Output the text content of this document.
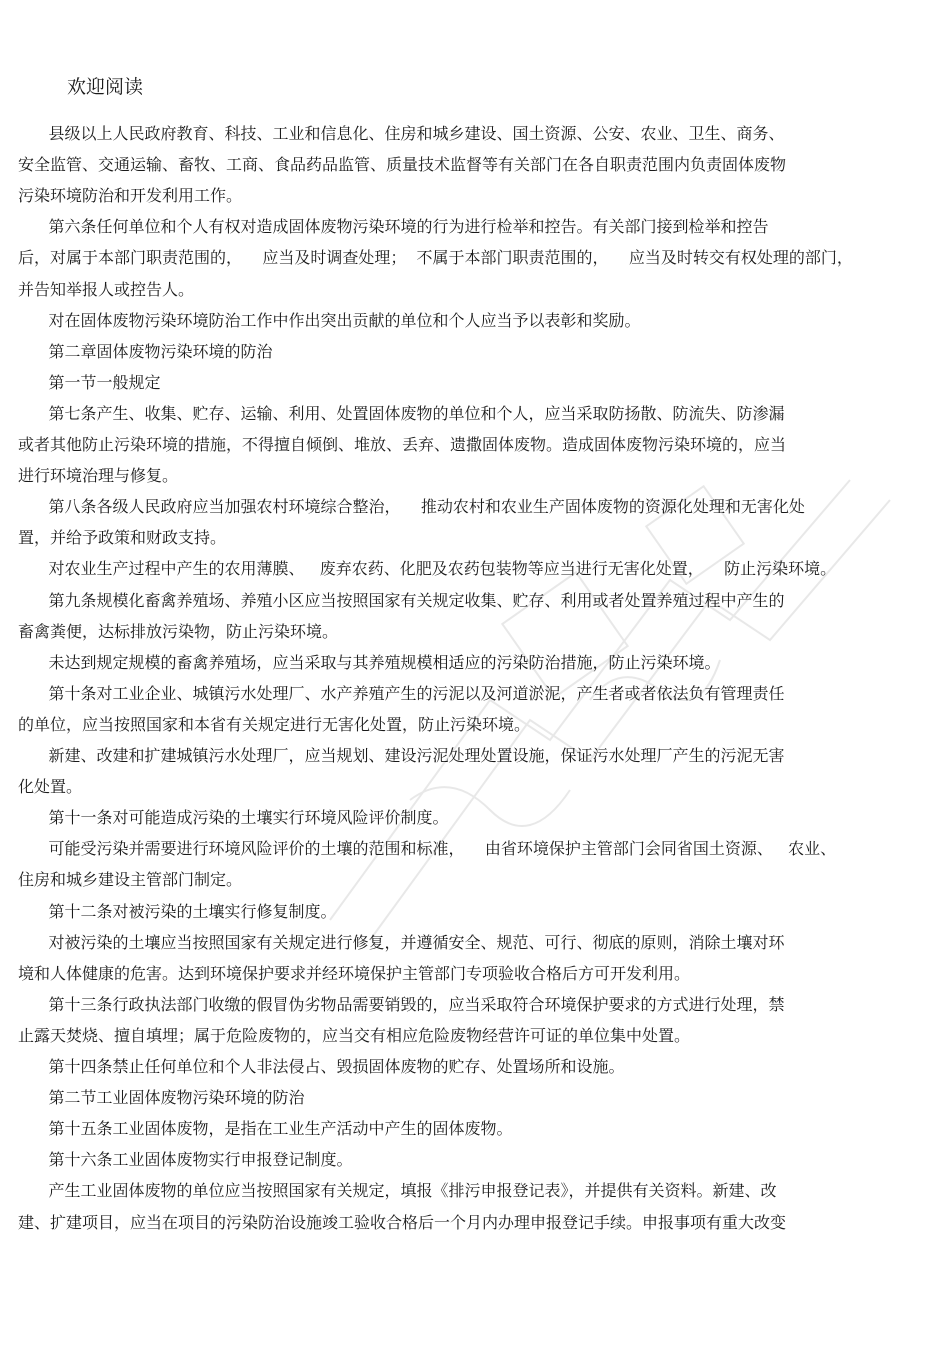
欢迎阅读
县级以上人民政府教育、科技、工业和信息化、住房和城乡建设、国土资源、公安、农业、卫生、商务、
安全监管、交通运输、畜牧、工商、食品药品监管、质量技术监督等有关部门在各自职责范围内负责固体废物
污染环境防治和开发利用工作。
第六条任何单位和个人有权对造成固体废物污染环境的行为进行检举和控告。有关部门接到检举和控告
后，对属于本部门职责范围的，    应当及时调查处理；  不属于本部门职责范围的，    应当及时转交有权处理的部门，
并告知举报人或控告人。
对在固体废物污染环境防治工作中作出突出贡献的单位和个人应当予以表彰和奖励。
第二章固体废物污染环境的防治
第一节一般规定
第七条产生、收集、贮存、运输、利用、处置固体废物的单位和个人，应当采取防扬散、防流失、防渗漏
或者其他防止污染环境的措施，不得擅自倾倒、堆放、丢弃、遗撒固体废物。造成固体废物污染环境的，应当
进行环境治理与修复。
第八条各级人民政府应当加强农村环境综合整治，    推动农村和农业生产固体废物的资源化处理和无害化处
置，并给予政策和财政支持。
对农业生产过程中产生的农用薄膜、   废弃农药、化肥及农药包装物等应当进行无害化处置，    防止污染环境。
第九条规模化畜禽养殖场、养殖小区应当按照国家有关规定收集、贮存、利用或者处置养殖过程中产生的
畜禽粪便，达标排放污染物，防止污染环境。
未达到规定规模的畜禽养殖场，应当采取与其养殖规模相适应的污染防治措施，防止污染环境。
第十条对工业企业、城镇污水处理厂、水产养殖产生的污泥以及河道淤泥，产生者或者依法负有管理责任
的单位，应当按照国家和本省有关规定进行无害化处置，防止污染环境。
新建、改建和扩建城镇污水处理厂，应当规划、建设污泥处理处置设施，保证污水处理厂产生的污泥无害
化处置。
第十一条对可能造成污染的土壤实行环境风险评价制度。
可能受污染并需要进行环境风险评价的土壤的范围和标准，    由省环境保护主管部门会同省国土资源、   农业、
住房和城乡建设主管部门制定。
第十二条对被污染的土壤实行修复制度。
对被污染的土壤应当按照国家有关规定进行修复，并遵循安全、规范、可行、彻底的原则，消除土壤对环
境和人体健康的危害。达到环境保护要求并经环境保护主管部门专项验收合格后方可开发利用。
第十三条行政执法部门收缴的假冒伪劣物品需要销毁的，应当采取符合环境保护要求的方式进行处理，禁
止露天焚烧、擅自填埋；属于危险废物的，应当交有相应危险废物经营许可证的单位集中处置。
第十四条禁止任何单位和个人非法侵占、毁损固体废物的贮存、处置场所和设施。
第二节工业固体废物污染环境的防治
第十五条工业固体废物，是指在工业生产活动中产生的固体废物。
第十六条工业固体废物实行申报登记制度。
产生工业固体废物的单位应当按照国家有关规定，填报《排污申报登记表》，并提供有关资料。新建、改
建、扩建项目，应当在项目的污染防治设施竣工验收合格后一个月内办理申报登记手续。申报事项有重大改变
